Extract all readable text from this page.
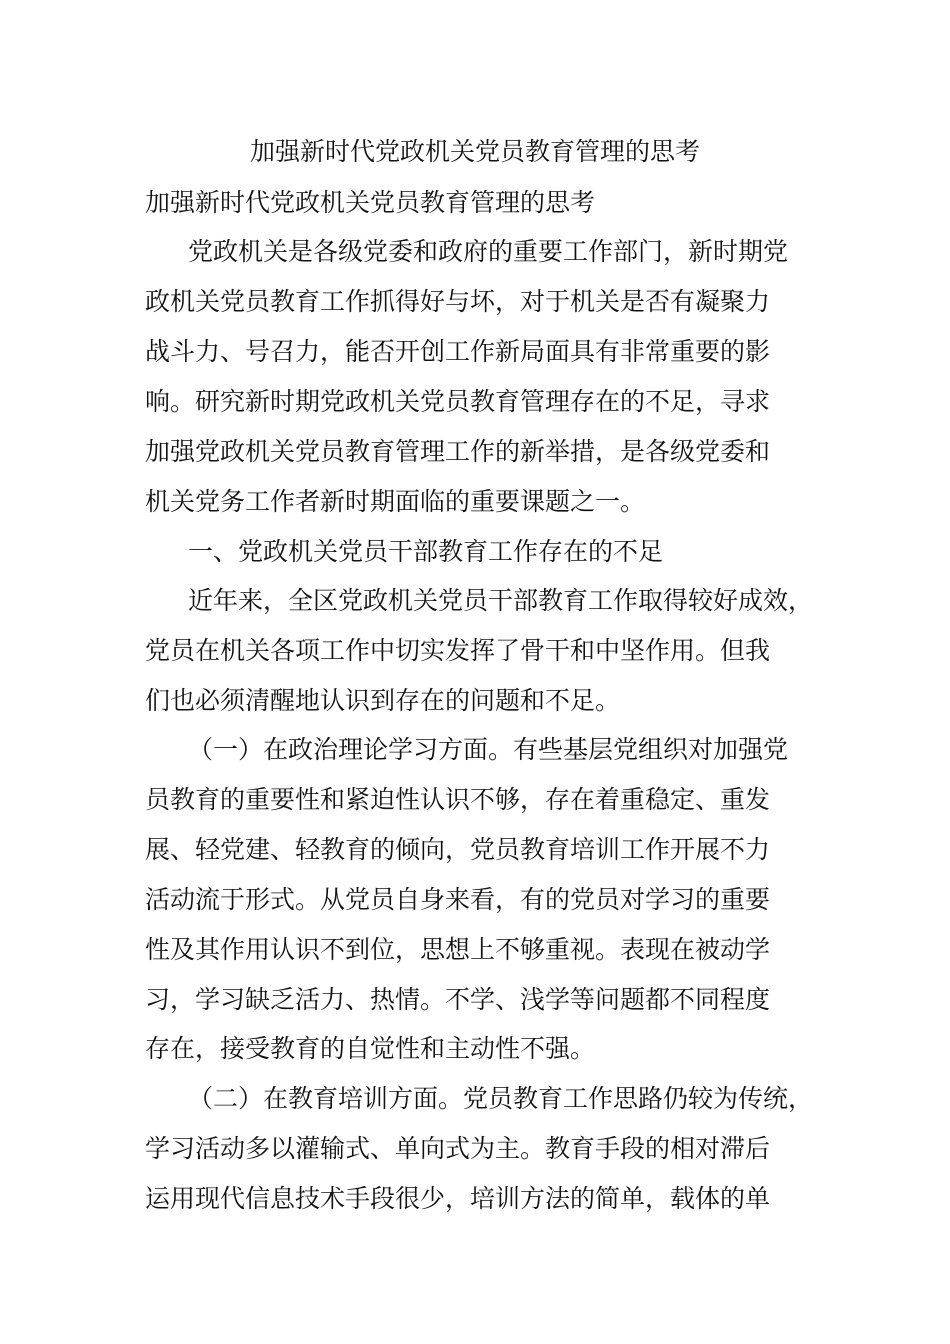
加强新时代党政机关党员教育管理的思考
加强新时代党政机关党员教育管理的思考
党政机关是各级党委和政府的重要工作部门，新时期党
政机关党员教育工作抓得好与坏，对于机关是否有凝聚力
战斗力、号召力，能否开创工作新局面具有非常重要的影
响。研究新时期党政机关党员教育管理存在的不足，寻求
加强党政机关党员教育管理工作的新举措，是各级党委和
机关党务工作者新时期面临的重要课题之一。
一、党政机关党员干部教育工作存在的不足
近年来，全区党政机关党员干部教育工作取得较好成效，
党员在机关各项工作中切实发挥了骨干和中坚作用。但我
们也必须清醒地认识到存在的问题和不足。
（一）在政治理论学习方面。有些基层党组织对加强党
员教育的重要性和紧迫性认识不够，存在着重稳定、重发
展、轻党建、轻教育的倾向，党员教育培训工作开展不力
活动流于形式。从党员自身来看，有的党员对学习的重要
性及其作用认识不到位，思想上不够重视。表现在被动学
习，学习缺乏活力、热情。不学、浅学等问题都不同程度
存在，接受教育的自觉性和主动性不强。
（二）在教育培训方面。党员教育工作思路仍较为传统，
学习活动多以灌输式、单向式为主。教育手段的相对滞后
运用现代信息技术手段很少，培训方法的简单，载体的单
